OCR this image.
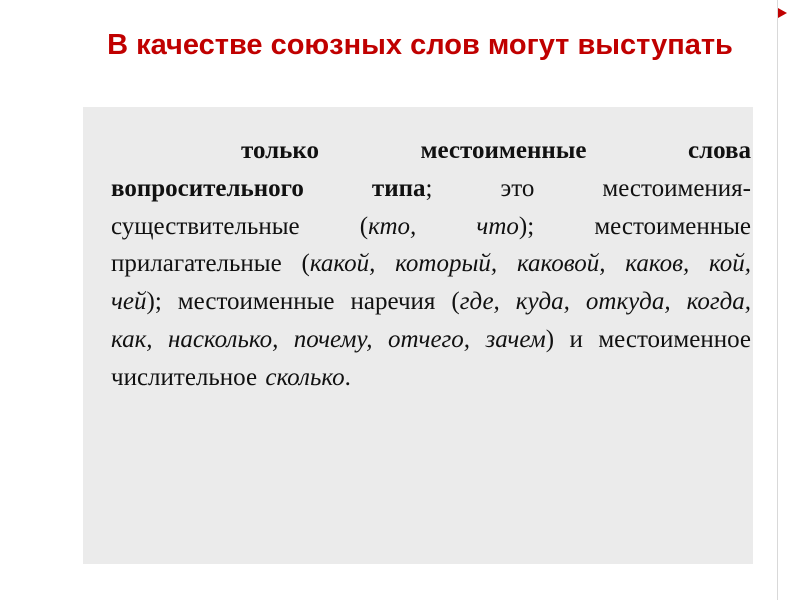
В качестве союзных слов могут выступать

только местоименные слова вопросительного типа; это местоимения-существительные (кто, что); местоименные прилагательные (какой, который, каковой, каков, кой, чей); местоименные наречия (где, куда, откуда, когда, как, насколько, почему, отчего, зачем) и местоименное числительное сколько.
